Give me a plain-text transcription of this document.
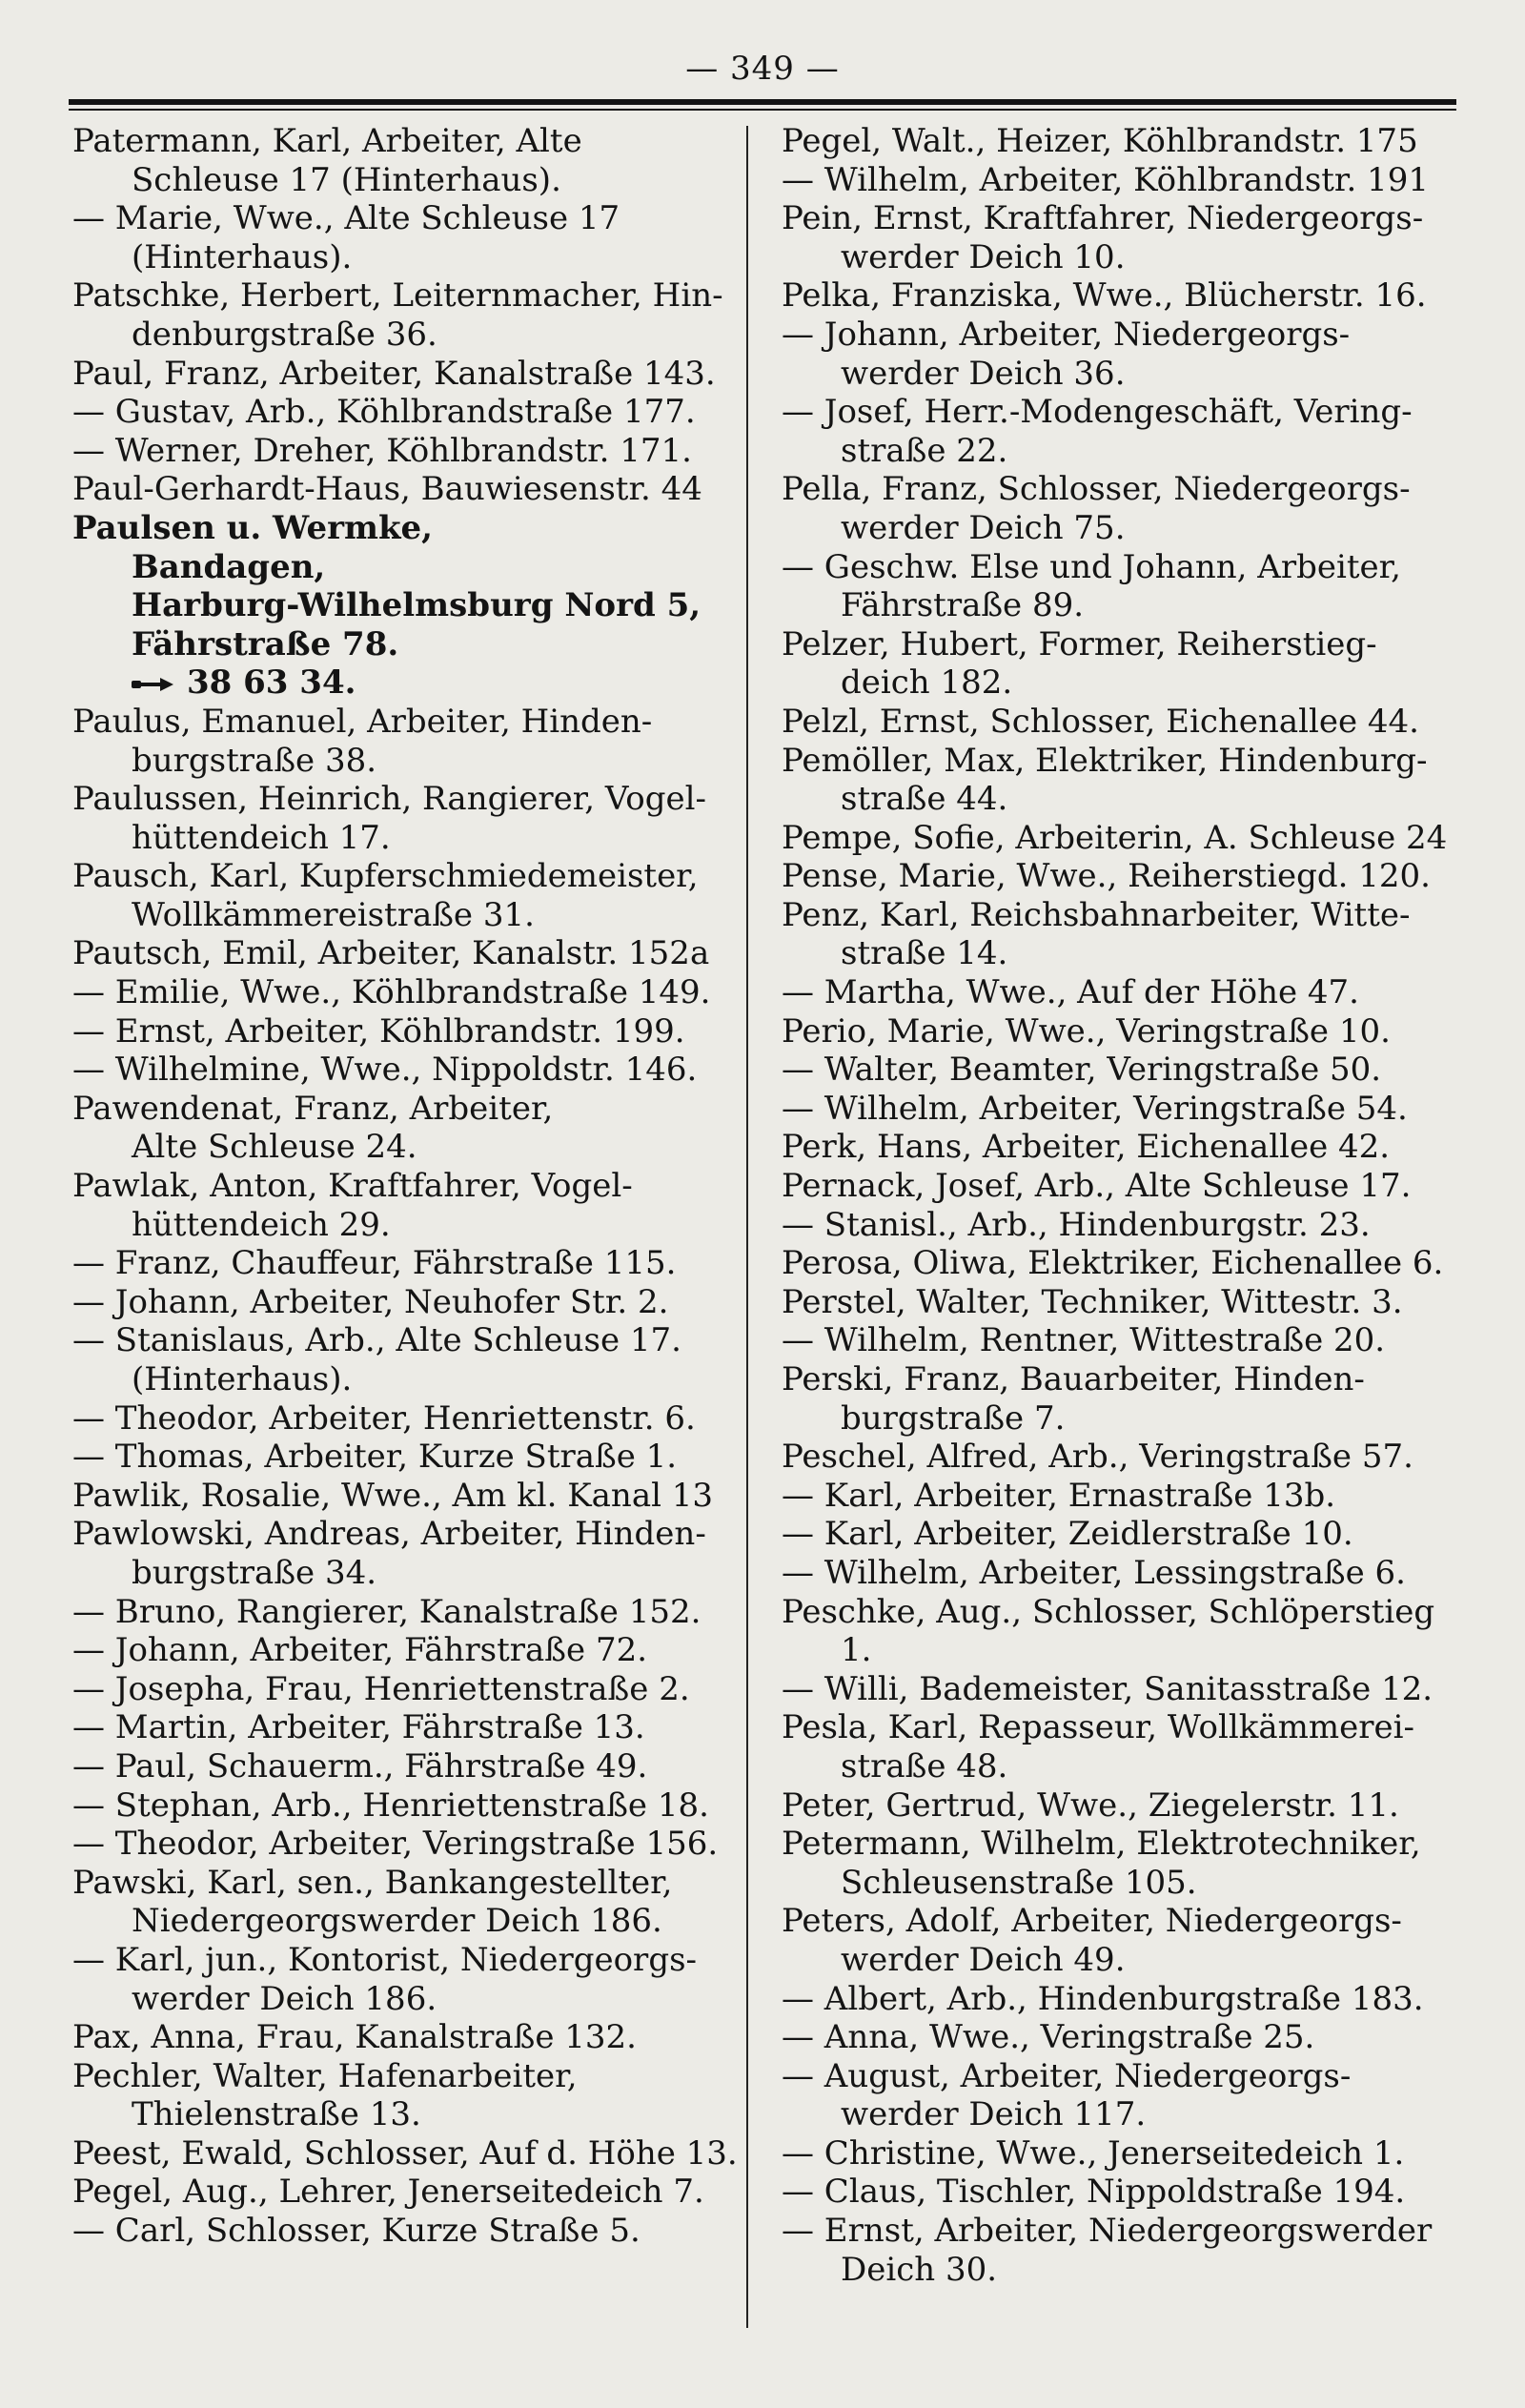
— 349 —
Patermann, Karl, Arbeiter, Alte
Schleuse 17 (Hinterhaus).
— Marie, Wwe., Alte Schleuse 17
(Hinterhaus).
Patschke, Herbert, Leiternmacher, Hin-
denburgstraße 36.
Paul, Franz, Arbeiter, Kanalstraße 143.
— Gustav, Arb., Köhlbrandstraße 177.
— Werner, Dreher, Köhlbrandstr. 171.
Paul-Gerhardt-Haus, Bauwiesenstr. 44
Paulsen u. Wermke,
Bandagen,
Harburg-Wilhelmsburg Nord 5,
Fährstraße 78.
38 63 34.
Paulus, Emanuel, Arbeiter, Hinden-
burgstraße 38.
Paulussen, Heinrich, Rangierer, Vogel-
hüttendeich 17.
Pausch, Karl, Kupferschmiedemeister,
Wollkämmereistraße 31.
Pautsch, Emil, Arbeiter, Kanalstr. 152a
— Emilie, Wwe., Köhlbrandstraße 149.
— Ernst, Arbeiter, Köhlbrandstr. 199.
— Wilhelmine, Wwe., Nippoldstr. 146.
Pawendenat, Franz, Arbeiter,
Alte Schleuse 24.
Pawlak, Anton, Kraftfahrer, Vogel-
hüttendeich 29.
— Franz, Chauffeur, Fährstraße 115.
— Johann, Arbeiter, Neuhofer Str. 2.
— Stanislaus, Arb., Alte Schleuse 17.
(Hinterhaus).
— Theodor, Arbeiter, Henriettenstr. 6.
— Thomas, Arbeiter, Kurze Straße 1.
Pawlik, Rosalie, Wwe., Am kl. Kanal 13
Pawlowski, Andreas, Arbeiter, Hinden-
burgstraße 34.
— Bruno, Rangierer, Kanalstraße 152.
— Johann, Arbeiter, Fährstraße 72.
— Josepha, Frau, Henriettenstraße 2.
— Martin, Arbeiter, Fährstraße 13.
— Paul, Schauerm., Fährstraße 49.
— Stephan, Arb., Henriettenstraße 18.
— Theodor, Arbeiter, Veringstraße 156.
Pawski, Karl, sen., Bankangestellter,
Niedergeorgswerder Deich 186.
— Karl, jun., Kontorist, Niedergeorgs-
werder Deich 186.
Pax, Anna, Frau, Kanalstraße 132.
Pechler, Walter, Hafenarbeiter,
Thielenstraße 13.
Peest, Ewald, Schlosser, Auf d. Höhe 13.
Pegel, Aug., Lehrer, Jenerseitedeich 7.
— Carl, Schlosser, Kurze Straße 5.
Pegel, Walt., Heizer, Köhlbrandstr. 175
— Wilhelm, Arbeiter, Köhlbrandstr. 191
Pein, Ernst, Kraftfahrer, Niedergeorgs-
werder Deich 10.
Pelka, Franziska, Wwe., Blücherstr. 16.
— Johann, Arbeiter, Niedergeorgs-
werder Deich 36.
— Josef, Herr.-Modengeschäft, Vering-
straße 22.
Pella, Franz, Schlosser, Niedergeorgs-
werder Deich 75.
— Geschw. Else und Johann, Arbeiter,
Fährstraße 89.
Pelzer, Hubert, Former, Reiherstieg-
deich 182.
Pelzl, Ernst, Schlosser, Eichenallee 44.
Pemöller, Max, Elektriker, Hindenburg-
straße 44.
Pempe, Sofie, Arbeiterin, A. Schleuse 24
Pense, Marie, Wwe., Reiherstiegd. 120.
Penz, Karl, Reichsbahnarbeiter, Witte-
straße 14.
— Martha, Wwe., Auf der Höhe 47.
Perio, Marie, Wwe., Veringstraße 10.
— Walter, Beamter, Veringstraße 50.
— Wilhelm, Arbeiter, Veringstraße 54.
Perk, Hans, Arbeiter, Eichenallee 42.
Pernack, Josef, Arb., Alte Schleuse 17.
— Stanisl., Arb., Hindenburgstr. 23.
Perosa, Oliwa, Elektriker, Eichenallee 6.
Perstel, Walter, Techniker, Wittestr. 3.
— Wilhelm, Rentner, Wittestraße 20.
Perski, Franz, Bauarbeiter, Hinden-
burgstraße 7.
Peschel, Alfred, Arb., Veringstraße 57.
— Karl, Arbeiter, Ernastraße 13b.
— Karl, Arbeiter, Zeidlerstraße 10.
— Wilhelm, Arbeiter, Lessingstraße 6.
Peschke, Aug., Schlosser, Schlöperstieg 1.
— Willi, Bademeister, Sanitasstraße 12.
Pesla, Karl, Repasseur, Wollkämmerei-
straße 48.
Peter, Gertrud, Wwe., Ziegelerstr. 11.
Petermann, Wilhelm, Elektrotechniker,
Schleusenstraße 105.
Peters, Adolf, Arbeiter, Niedergeorgs-
werder Deich 49.
— Albert, Arb., Hindenburgstraße 183.
— Anna, Wwe., Veringstraße 25.
— August, Arbeiter, Niedergeorgs-
werder Deich 117.
— Christine, Wwe., Jenerseitedeich 1.
— Claus, Tischler, Nippoldstraße 194.
— Ernst, Arbeiter, Niedergeorgswerder
Deich 30.
